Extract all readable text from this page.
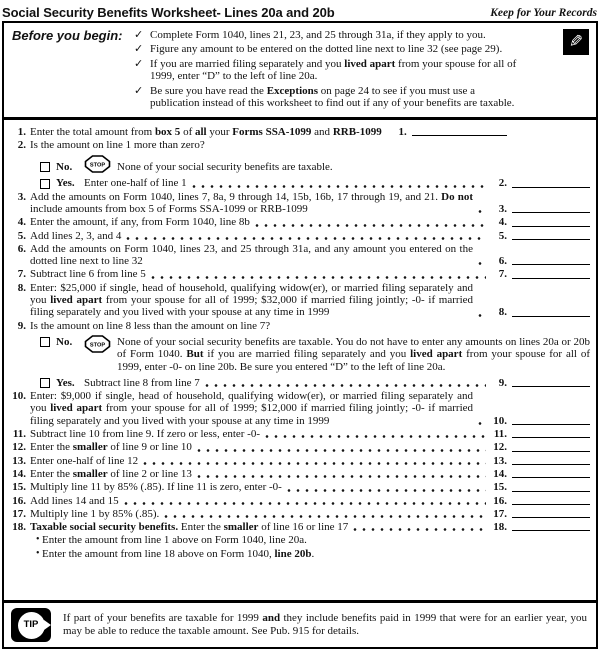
Social Security Benefits Worksheet- Lines 20a and 20b	Keep for Your Records
Before you begin:	✓ Complete Form 1040, lines 21, 23, and 25 through 31a, if they apply to you.
✓ Figure any amount to be entered on the dotted line next to line 32 (see page 29).
✓ If you are married filing separately and you lived apart from your spouse for all of 1999, enter “D” to the left of line 20a.
✓ Be sure you have read the Exceptions on page 24 to see if you must use a publication instead of this worksheet to find out if any of your benefits are taxable.
✎
1. Enter the total amount from box 5 of all your Forms SSA-1099 and RRB-1099	1.
2. Is the amount on line 1 more than zero?
No.	STOP None of your social security benefits are taxable.
Yes. Enter one-half of line 1	2.
3. Add the amounts on Form 1040, lines 7, 8a, 9 through 14, 15b, 16b, 17 through 19, and 21. Do not include amounts from box 5 of Forms SSA-1099 or RRB-1099	3.
4. Enter the amount, if any, from Form 1040, line 8b	4.
5. Add lines 2, 3, and 4	5.
6. Add the amounts on Form 1040, lines 23, and 25 through 31a, and any amount you entered on the dotted line next to line 32	6.
7. Subtract line 6 from line 5	7.
8. Enter: $25,000 if single, head of household, qualifying widow(er), or married filing separately and you lived apart from your spouse for all of 1999; $32,000 if married filing jointly; -0- if married filing separately and you lived with your spouse at any time in 1999	8.
9. Is the amount on line 8 less than the amount on line 7?
No.	STOP None of your social security benefits are taxable. You do not have to enter any amounts on lines 20a or 20b of Form 1040. But if you are married filing separately and you lived apart from your spouse for all of 1999, enter -0- on line 20b. Be sure you entered “D” to the left of line 20a.
Yes. Subtract line 8 from line 7	9.
10. Enter: $9,000 if single, head of household, qualifying widow(er), or married filing separately and you lived apart from your spouse for all of 1999; $12,000 if married filing jointly; -0- if married filing separately and you lived with your spouse at any time in 1999	10.
11. Subtract line 10 from line 9. If zero or less, enter -0-	11.
12. Enter the smaller of line 9 or line 10	12.
13. Enter one-half of line 12	13.
14. Enter the smaller of line 2 or line 13	14.
15. Multiply line 11 by 85% (.85). If line 11 is zero, enter -0-	15.
16. Add lines 14 and 15	16.
17. Multiply line 1 by 85% (.85).	17.
18. Taxable social security benefits. Enter the smaller of line 16 or line 17	18.
• Enter the amount from line 1 above on Form 1040, line 20a.
• Enter the amount from line 18 above on Form 1040, line 20b.
TIP
If part of your benefits are taxable for 1999 and they include benefits paid in 1999 that were for an earlier year, you may be able to reduce the taxable amount. See Pub. 915 for details.
